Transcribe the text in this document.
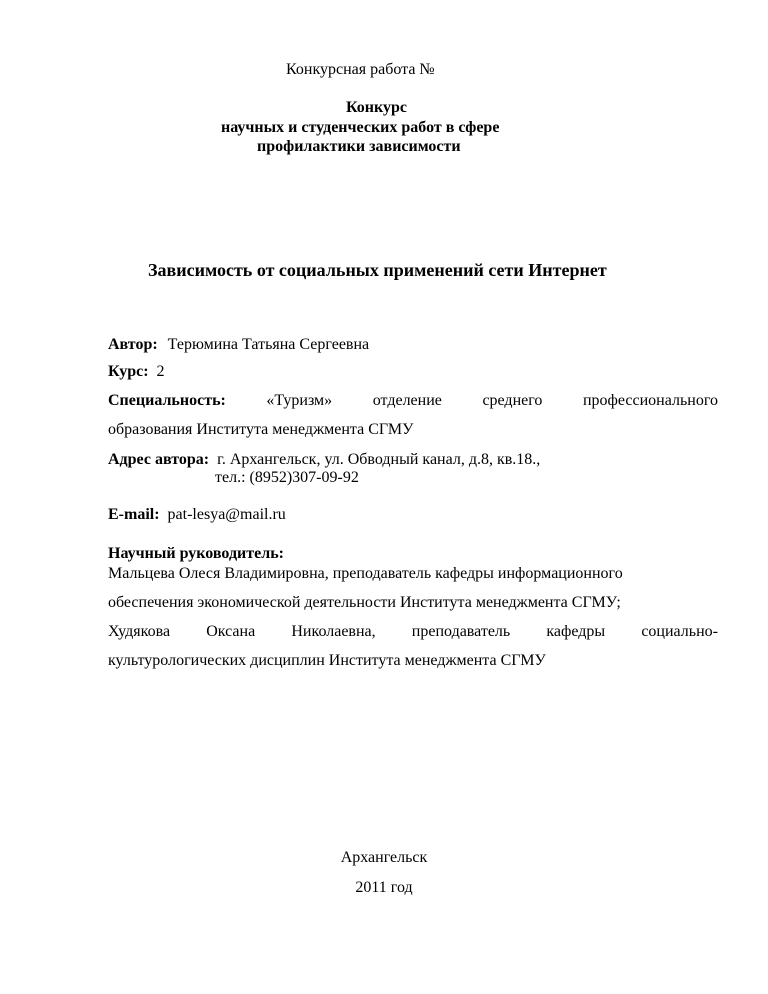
Конкурсная работа №
Конкурс
научных и студенческих работ в сфере
профилактики зависимости
Зависимость от социальных применений сети Интернет
Автор: Терюмина Татьяна Сергеевна
Курс: 2
Специальность:	«Туризм»	отделение	среднего	профессионального
образования Института менеджмента СГМУ
Адрес автора: г. Архангельск, ул. Обводный канал, д.8, кв.18.,
тел.: (8952)307-09-92
E-mail: pat-lesya@mail.ru
Научный руководитель:
Мальцева Олеся Владимировна, преподаватель кафедры информационного
обеспечения экономической деятельности Института менеджмента СГМУ;
Худякова Оксана Николаевна, преподаватель кафедры социально-
культурологических дисциплин Института менеджмента СГМУ
Архангельск
2011 год
